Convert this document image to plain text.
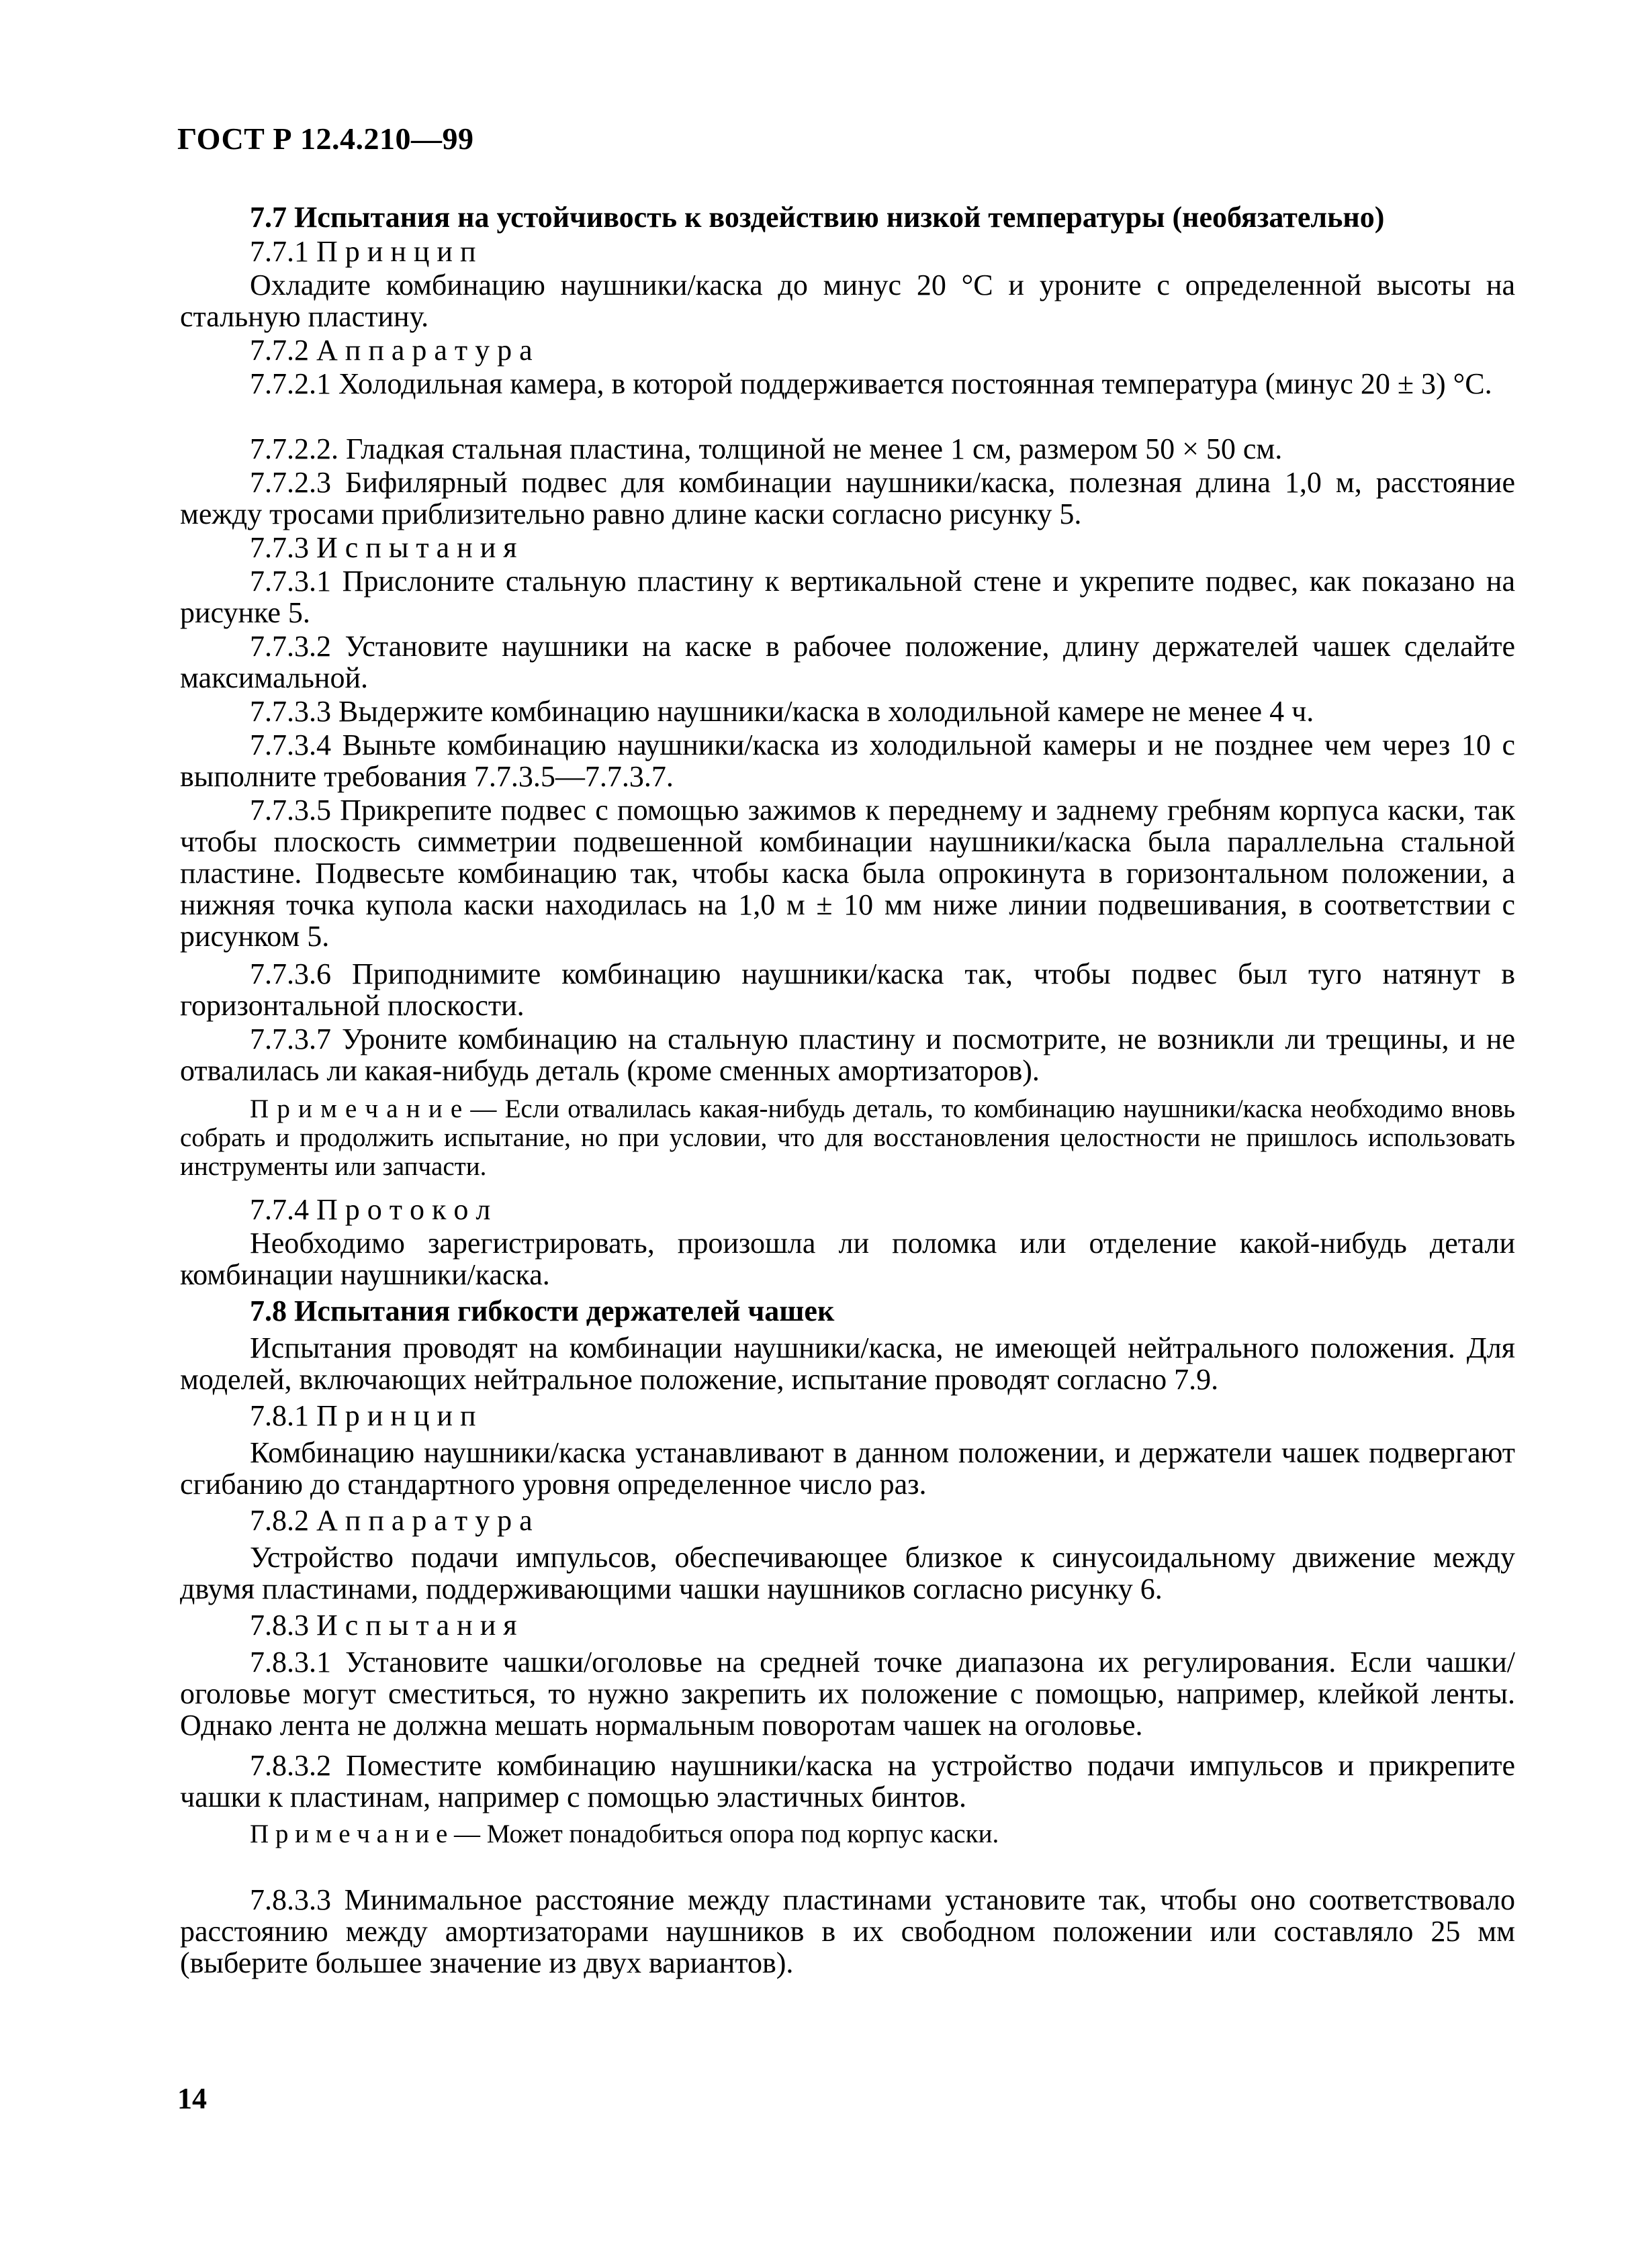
ГОСТ Р 12.4.210—99

7.7 Испытания на устойчивость к воздействию низкой температуры (необязательно)

7.7.1 П р и н ц и п

Охладите комбинацию наушники/каска до минус 20 °С и уроните с определенной высоты на стальную пластину.

7.7.2 А п п а р а т у р а

7.7.2.1 Холодильная камера, в которой поддерживается постоянная температура (минус 20 ± 3) °С.

7.7.2.2. Гладкая стальная пластина, толщиной не менее 1 см, размером 50 × 50 см.

7.7.2.3 Бифилярный подвес для комбинации наушники/каска, полезная длина 1,0 м, расстояние между тросами приблизительно равно длине каски согласно рисунку 5.

7.7.3 И с п ы т а н и я

7.7.3.1 Прислоните стальную пластину к вертикальной стене и укрепите подвес, как показано на рисунке 5.

7.7.3.2 Установите наушники на каске в рабочее положение, длину держателей чашек сделайте максимальной.

7.7.3.3 Выдержите комбинацию наушники/каска в холодильной камере не менее 4 ч.

7.7.3.4 Выньте комбинацию наушники/каска из холодильной камеры и не позднее чем через 10 с выполните требования 7.7.3.5—7.7.3.7.

7.7.3.5 Прикрепите подвес с помощью зажимов к переднему и заднему гребням корпуса каски, так чтобы плоскость симметрии подвешенной комбинации наушники/каска была параллельна стальной пластине. Подвесьте комбинацию так, чтобы каска была опрокинута в горизонтальном положении, а нижняя точка купола каски находилась на 1,0 м ± 10 мм ниже линии подвешивания, в соответствии с рисунком 5.

7.7.3.6 Приподнимите комбинацию наушники/каска так, чтобы подвес был туго натянут в горизонтальной плоскости.

7.7.3.7 Уроните комбинацию на стальную пластину и посмотрите, не возникли ли трещины, и не отвалилась ли какая-нибудь деталь (кроме сменных амортизаторов).

7.7.4 П р о т о к о л

Необходимо зарегистрировать, произошла ли поломка или отделение какой-нибудь детали комбинации наушники/каска.

7.8 Испытания гибкости держателей чашек

Испытания проводят на комбинации наушники/каска, не имеющей нейтрального положения. Для моделей, включающих нейтральное положение, испытание проводят согласно 7.9.

7.8.1 П р и н ц и п

Комбинацию наушники/каска устанавливают в данном положении, и держатели чашек подвергают сгибанию до стандартного уровня определенное число раз.

7.8.2 А п п а р а т у р а

Устройство подачи импульсов, обеспечивающее близкое к синусоидальному движение между двумя пластинами, поддерживающими чашки наушников согласно рисунку 6.

7.8.3 И с п ы т а н и я

7.8.3.1 Установите чашки/оголовье на средней точке диапазона их регулирования. Если чашки/оголовье могут сместиться, то нужно закрепить их положение с помощью, например, клейкой ленты. Однако лента не должна мешать нормальным поворотам чашек на оголовье.

7.8.3.2 Поместите комбинацию наушники/каска на устройство подачи импульсов и прикрепите чашки к пластинам, например с помощью эластичных бинтов.

7.8.3.3 Минимальное расстояние между пластинами установите так, чтобы оно соответствовало расстоянию между амортизаторами наушников в их свободном положении или составляло 25 мм (выберите большее значение из двух вариантов).

П р и м е ч а н и е — Если отвалилась какая-нибудь деталь, то комбинацию наушники/каска необходимо вновь собрать и продолжить испытание, но при условии, что для восстановления целостности не пришлось использовать инструменты или запчасти.

П р и м е ч а н и е — Может понадобиться опора под корпус каски.

14
